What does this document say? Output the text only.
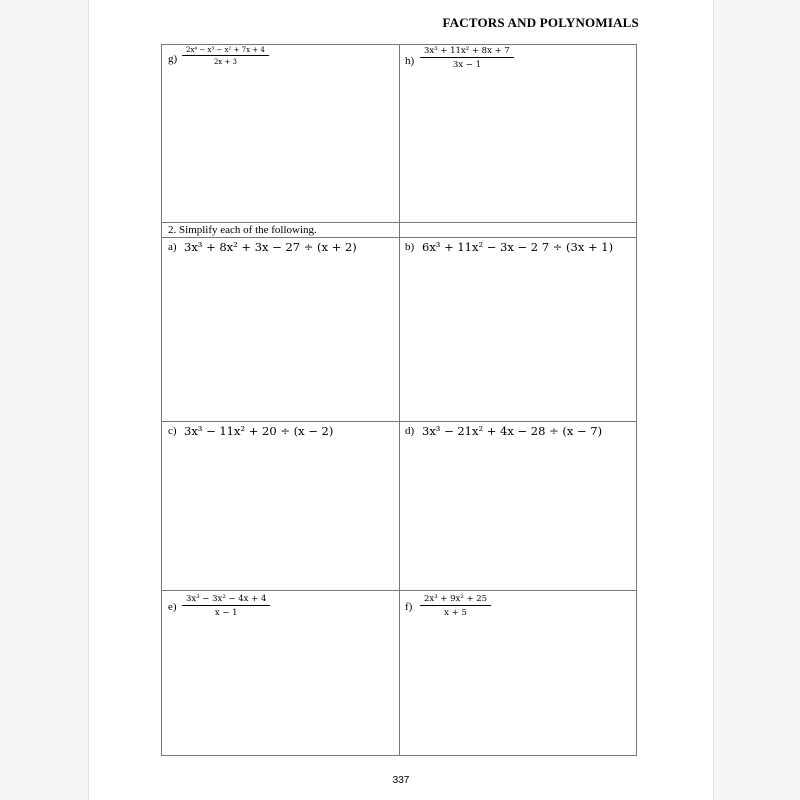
FACTORS AND POLYNOMIALS
$g) \frac{\text{2x⁴ − x³ − x² + 7x + 4}}{2x + 3}$	$h) \frac{\text{3x³ + 11x² + 8x + 7}}{3x - 1}$
2. Simplify each of the following.
a) 3x³ + 8x² + 3x − 27 ÷ (x + 2)	b) 6x³ + 11x² − 3x − 2 7 ÷ (3x + 1)
c) 3x³ − 11x² + 20 ÷ (x − 2)	d) 3x³ − 21x² + 4x − 28 ÷ (x − 7)
$e) \frac{\text{3x³ − 3x² − 4x + 4}}{x - 1}$	$f) \frac{\text{2x³ + 9x² + 25}}{x + 5}$
337
